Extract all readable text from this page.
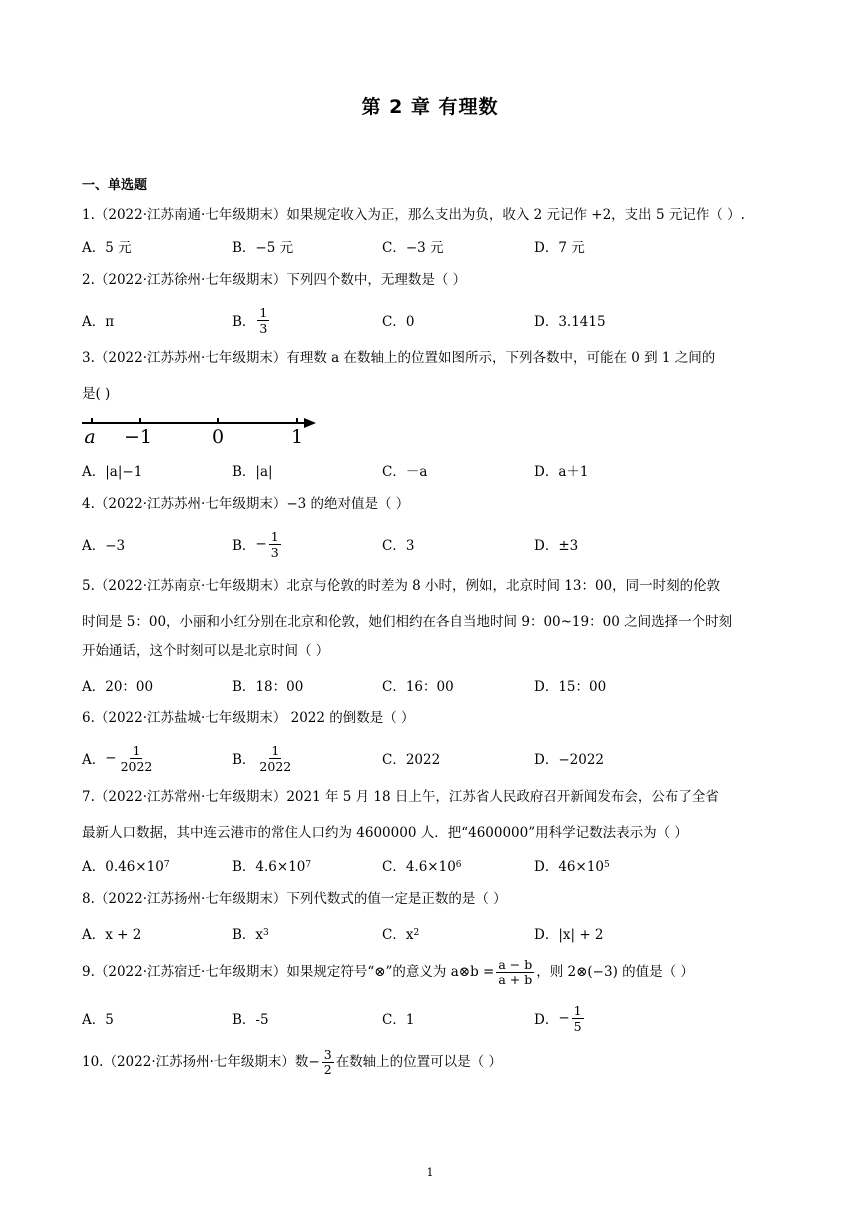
第 2 章 有理数
一、单选题
1.（2022·江苏南通·七年级期末）如果规定收入为正，那么支出为负，收入 2 元记作 +2，支出 5 元记作（ ）.
A．5 元	B．−5 元	C．−3 元	D．7 元
2.（2022·江苏徐州·七年级期末）下列四个数中，无理数是（ ）
A．π	B． $\frac{1}{3}$	C．0	D．3.1415
3.（2022·江苏苏州·七年级期末）有理数 a 在数轴上的位置如图所示，下列各数中，可能在 0 到 1 之间的
是( )
a −1	0	1
A．|a|−1	B．|a|	C．－a	D．a＋1
4.（2022·江苏苏州·七年级期末）−3 的绝对值是（ ）
A．−3	B． − $\frac{1}{3}$	C．3	D．±3
5.（2022·江苏南京·七年级期末）北京与伦敦的时差为 8 小时，例如，北京时间 13：00，同一时刻的伦敦
时间是 5：00，小丽和小红分别在北京和伦敦，她们相约在各自当地时间 9：00~19：00 之间选择一个时刻
开始通话，这个时刻可以是北京时间（ ）
A．20：00	B．18：00	C．16：00	D．15：00
6.（2022·江苏盐城·七年级期末） 2022 的倒数是（ ）
A． − $\frac{1}{2022}$	B． $\frac{1}{2022}$	C．2022	D．−2022
7.（2022·江苏常州·七年级期末）2021 年 5 月 18 日上午，江苏省人民政府召开新闻发布会，公布了全省
最新人口数据，其中连云港市的常住人口约为 4600000 人．把“4600000”用科学记数法表示为（ ）
A．0.46×10 7	B．4.6×10 7	C．4.6×10 6	D．46×10 5
8.（2022·江苏扬州·七年级期末）下列代数式的值一定是正数的是（ ）
A．x + 2	B．x 3	C．x 2	D．|x| + 2
9.（2022·江苏宿迁·七年级期末）如果规定符号“⊗”的意义为 a⊗b = $\frac{a - b}{a + b}$ ，则 2⊗(−3) 的值是（ ）
A．5	B．-5	C．1	D． − $\frac{1}{5}$
10.（2022·江苏扬州·七年级期末）数 − $\frac{3}{2}$ 在数轴上的位置可以是（ ）
1
